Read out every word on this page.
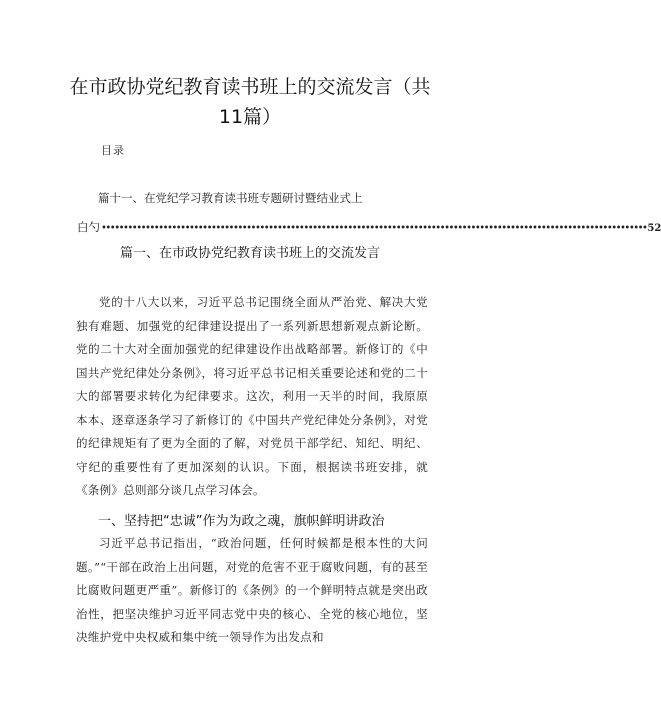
在市政协党纪教育读书班上的交流发言（共11篇）
目录
篇十一、在党纪学习教育读书班专题研讨暨结业式上
白勺 •••••••••••••••••••••••••••••••••••••••••••••••••••••••••••••••••••••••••••••••••••••••••••••••••••••••••••••••••••••••••••• 52
篇一、在市政协党纪教育读书班上的交流发言

党的十八大以来，习近平总书记围绕全面从严治党、解决大党独有难题、加强党的纪律建设提出了一系列新思想新观点新论断。党的二十大对全面加强党的纪律建设作出战略部署。新修订的《中国共产党纪律处分条例》，将习近平总书记相关重要论述和党的二十大的部署要求转化为纪律要求。这次，利用一天半的时间，我原原本本、逐章逐条学习了新修订的《中国共产党纪律处分条例》，对党的纪律规矩有了更为全面的了解，对党员干部学纪、知纪、明纪、守纪的重要性有了更加深刻的认识。下面，根据读书班安排，就《条例》总则部分谈几点学习体会。

一、坚持把“忠诚”作为为政之魂，旗帜鲜明讲政治

习近平总书记指出，“政治问题，任何时候都是根本性的大问题。”“干部在政治上出问题，对党的危害不亚于腐败问题，有的甚至比腐败问题更严重”。新修订的《条例》的一个鲜明特点就是突出政治性，把坚决维护习近平同志党中央的核心、全党的核心地位，坚决维护党中央权威和集中统一领导作为出发点和
